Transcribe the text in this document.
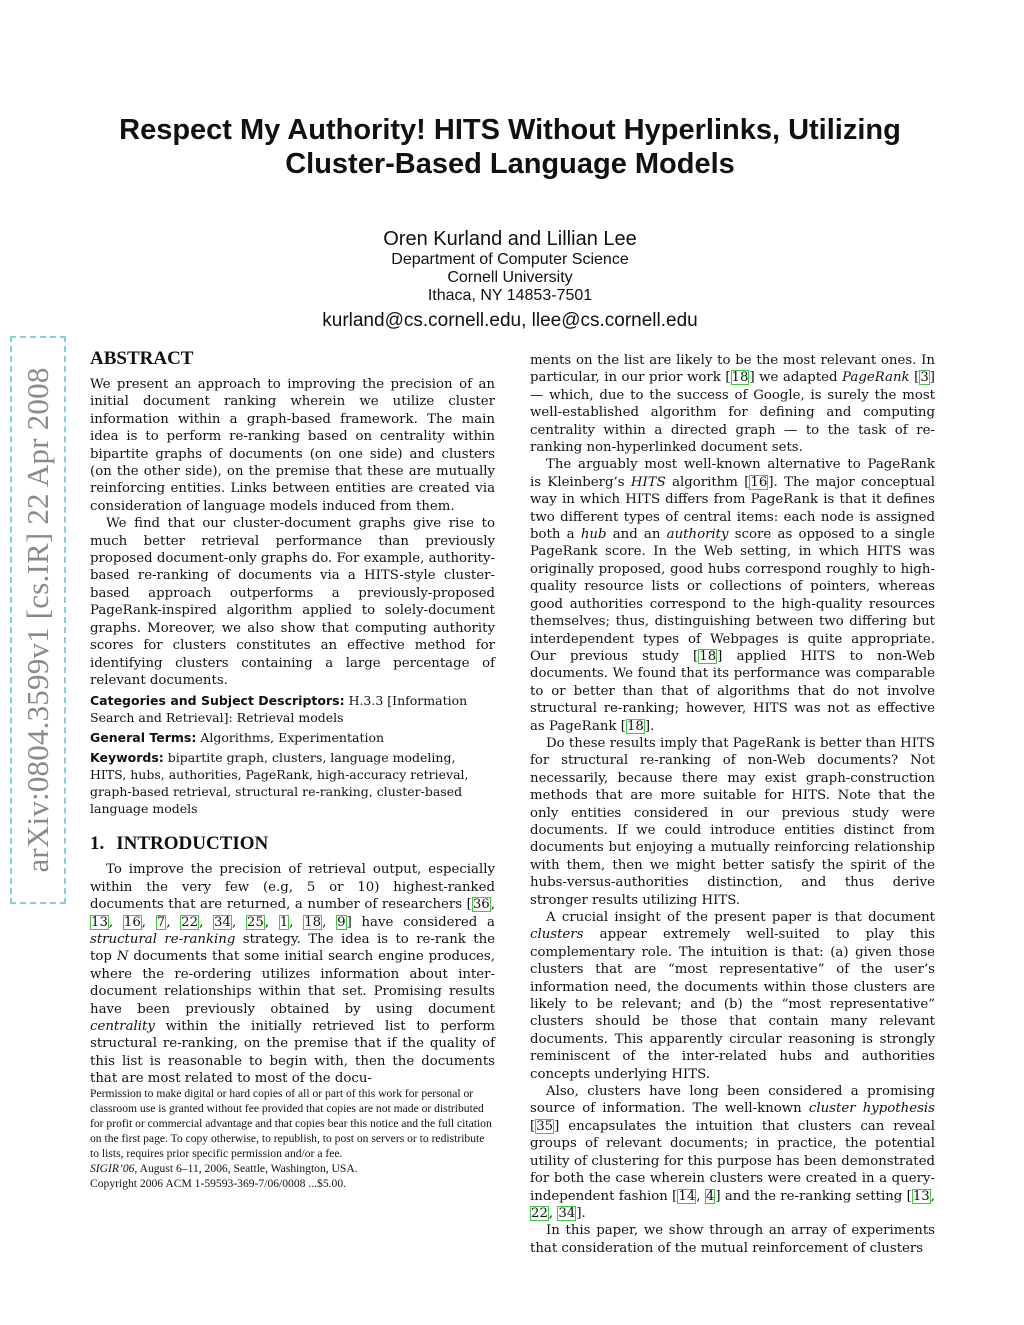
arXiv:0804.3599v1 [cs.IR] 22 Apr 2008
Respect My Authority! HITS Without Hyperlinks, Utilizing
Cluster-Based Language Models
Oren Kurland and Lillian Lee
Department of Computer Science
Cornell University
Ithaca, NY 14853-7501
kurland@cs.cornell.edu, llee@cs.cornell.edu
ABSTRACT

We present an approach to improving the precision of an initial document ranking wherein we utilize cluster information within a graph-based framework. The main idea is to perform re-ranking based on centrality within bipartite graphs of documents (on one side) and clusters (on the other side), on the premise that these are mutually reinforcing entities. Links between entities are created via consideration of language models induced from them.

We find that our cluster-document graphs give rise to much better retrieval performance than previously proposed document-only graphs do. For example, authority-based re-ranking of documents via a HITS-style cluster-based approach outperforms a previously-proposed PageRank-inspired algorithm applied to solely-document graphs. Moreover, we also show that computing authority scores for clusters constitutes an effective method for identifying clusters containing a large percentage of relevant documents.

Categories and Subject Descriptors: H.3.3 [Information Search and Retrieval]: Retrieval models

General Terms: Algorithms, Experimentation

Keywords: bipartite graph, clusters, language modeling, HITS, hubs, authorities, PageRank, high-accuracy retrieval, graph-based retrieval, structural re-ranking, cluster-based language models

1. INTRODUCTION

To improve the precision of retrieval output, especially within the very few (e.g, 5 or 10) highest-ranked documents that are returned, a number of researchers [36, 13, 16, 7, 22, 34, 25, 1, 18, 9] have considered a structural re-ranking strategy. The idea is to re-rank the top N documents that some initial search engine produces, where the re-ordering utilizes information about inter-document relationships within that set. Promising results have been previously obtained by using document centrality within the initially retrieved list to perform structural re-ranking, on the premise that if the quality of this list is reasonable to begin with, then the documents that are most related to most of the docu-

Permission to make digital or hard copies of all or part of this work for personal or classroom use is granted without fee provided that copies are not made or distributed for profit or commercial advantage and that copies bear this notice and the full citation on the first page. To copy otherwise, to republish, to post on servers or to redistribute to lists, requires prior specific permission and/or a fee.

SIGIR’06, August 6–11, 2006, Seattle, Washington, USA.

Copyright 2006 ACM 1-59593-369-7/06/0008 ...$5.00.

ments on the list are likely to be the most relevant ones. In particular, in our prior work [18] we adapted PageRank [3] — which, due to the success of Google, is surely the most well-established algorithm for defining and computing centrality within a directed graph — to the task of re-ranking non-hyperlinked document sets.

The arguably most well-known alternative to PageRank is Kleinberg’s HITS algorithm [16]. The major conceptual way in which HITS differs from PageRank is that it defines two different types of central items: each node is assigned both a hub and an authority score as opposed to a single PageRank score. In the Web setting, in which HITS was originally proposed, good hubs correspond roughly to high-quality resource lists or collections of pointers, whereas good authorities correspond to the high-quality resources themselves; thus, distinguishing between two differing but interdependent types of Webpages is quite appropriate. Our previous study [18] applied HITS to non-Web documents. We found that its performance was comparable to or better than that of algorithms that do not involve structural re-ranking; however, HITS was not as effective as PageRank [18].

Do these results imply that PageRank is better than HITS for structural re-ranking of non-Web documents? Not necessarily, because there may exist graph-construction methods that are more suitable for HITS. Note that the only entities considered in our previous study were documents. If we could introduce entities distinct from documents but enjoying a mutually reinforcing relationship with them, then we might better satisfy the spirit of the hubs-versus-authorities distinction, and thus derive stronger results utilizing HITS.

A crucial insight of the present paper is that document clusters appear extremely well-suited to play this complementary role. The intuition is that: (a) given those clusters that are “most representative” of the user’s information need, the documents within those clusters are likely to be relevant; and (b) the “most representative” clusters should be those that contain many relevant documents. This apparently circular reasoning is strongly reminiscent of the inter-related hubs and authorities concepts underlying HITS.

Also, clusters have long been considered a promising source of information. The well-known cluster hypothesis [35] encapsulates the intuition that clusters can reveal groups of relevant documents; in practice, the potential utility of clustering for this purpose has been demonstrated for both the case wherein clusters were created in a query-independent fashion [14, 4] and the re-ranking setting [13, 22, 34].

In this paper, we show through an array of experiments that consideration of the mutual reinforcement of clusters
